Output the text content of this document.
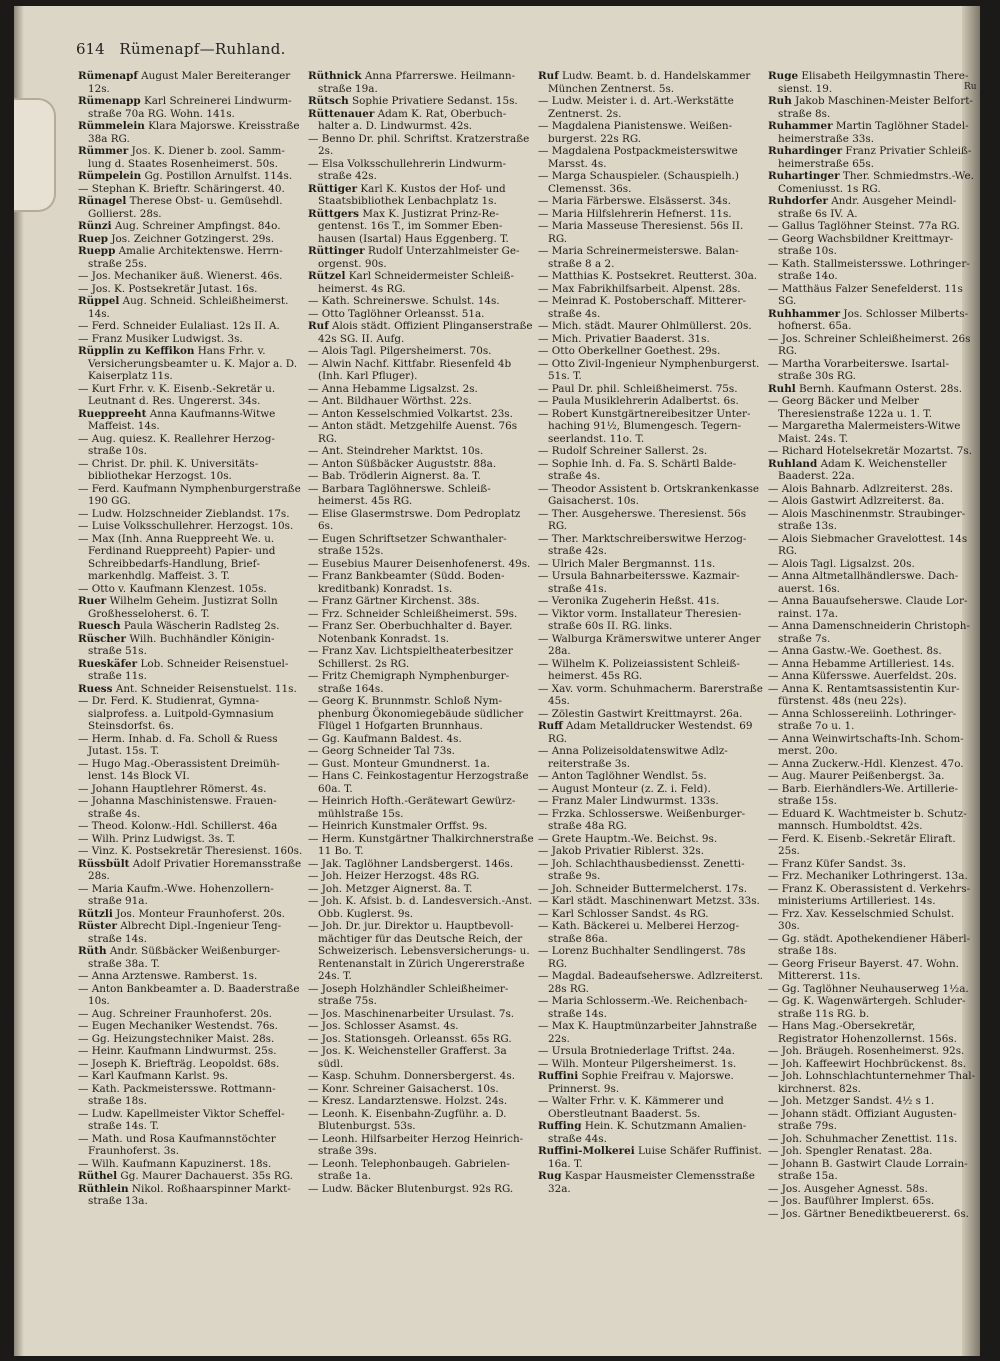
614 Rümenapf—Ruhland.

Rümenapf August Maler Bereiteranger 12s.

Rümenapp Karl Schreinerei Lindwurmstraße 70a RG. Wohn. 141s.

Rümmelein Klara Majorswe. Kreisstraße 38a RG.

Rümmer Jos. K. Diener b. zool. Sammlung d. Staates Rosenheimerst. 50s.

Rümpelein Gg. Postillon Arnulfst. 114s.

— Stephan K. Brieftr. Schäringerst. 40.

Rünagel Therese Obst- u. Gemüsehdl. Gollierst. 28s.

Rünzi Aug. Schreiner Ampfingst. 84o.

Ruep Jos. Zeichner Gotzingerst. 29s.

Ruepp Amalie Architektenswe. Herrnstraße 25s.

— Jos. Mechaniker äuß. Wienerst. 46s.

— Jos. K. Postsekretär Jutast. 16s.

Rüppel Aug. Schneid. Schleißheimerst. 14s.

— Ferd. Schneider Eulaliast. 12s II. A.

— Franz Musiker Ludwigst. 3s.

Rüpplin zu Keffikon Hans Frhr. v. Versicherungsbeamter u. K. Major a. D. Kaiserplatz 11s.

— Kurt Frhr. v. K. Eisenb.-Sekretär u. Leutnant d. Res. Ungererst. 34s.

Rueppreeht Anna Kaufmanns-Witwe Maffeist. 14s.

— Aug. quiesz. K. Reallehrer Herzogstraße 10s.

— Christ. Dr. phil. K. Universitätsbibliothekar Herzogst. 10s.

— Ferd. Kaufmann Nymphenburgerstraße 190 GG.

— Ludw. Holzschneider Zieblandst. 17s.

— Luise Volksschullehrer. Herzogst. 10s.

— Max (Inh. Anna Rueppreeht We. u. Ferdinand Rueppreeht) Papier- und Schreibbedarfs-Handlung, Briefmarkenhdlg. Maffeist. 3. T.

— Otto v. Kaufmann Klenzest. 105s.

Ruer Wilhelm Geheim. Justizrat Solln Großhesseloherst. 6. T.

Ruesch Paula Wäscherin Radlsteg 2s.

Rüscher Wilh. Buchhändler Königinstraße 51s.

Rueskäfer Lob. Schneider Reisenstuelstraße 11s.

Ruess Ant. Schneider Reisenstuelst. 11s.

— Dr. Ferd. K. Studienrat, Gymnasialprofess. a. Luitpold-Gymnasium Steinsdorfst. 6s.

— Herm. Inhab. d. Fa. Scholl & Ruess Jutast. 15s. T.

— Hugo Mag.-Oberassistent Dreimühlenst. 14s Block VI.

— Johann Hauptlehrer Römerst. 4s.

— Johanna Maschinistenswe. Frauenstraße 4s.

— Theod. Kolonw.-Hdl. Schillerst. 46a

— Wilh. Prinz Ludwigst. 3s. T.

— Vinz. K. Postsekretär Theresienst. 160s.

Rüssbült Adolf Privatier Horemansstraße 28s.

— Maria Kaufm.-Wwe. Hohenzollernstraße 91a.

Rützli Jos. Monteur Fraunhoferst. 20s.

Rüster Albrecht Dipl.-Ingenieur Tengstraße 14s.

Rüth Andr. Süßbäcker Weißenburgerstraße 38a. T.

— Anna Arztenswe. Ramberst. 1s.

— Anton Bankbeamter a. D. Baaderstraße 10s.

— Aug. Schreiner Fraunhoferst. 20s.

— Eugen Mechaniker Westendst. 76s.

— Gg. Heizungstechniker Maist. 28s.

— Heinr. Kaufmann Lindwurmst. 25s.

— Joseph K. Briefträg. Leopoldst. 68s.

— Karl Kaufmann Karlst. 9s.

— Kath. Packmeistersswe. Rottmannstraße 18s.

— Ludw. Kapellmeister Viktor Scheffelstraße 14s. T.

— Math. und Rosa Kaufmannstöchter Fraunhoferst. 3s.

— Wilh. Kaufmann Kapuzinerst. 18s.

Rüthel Gg. Maurer Dachauerst. 35s RG.

Rüthlein Nikol. Roßhaarspinner Marktstraße 13a.

Rüthnick Anna Pfarrerswe. Heilmannstraße 19a.

Rütsch Sophie Privatiere Sedanst. 15s.

Rüttenauer Adam K. Rat, Oberbuchhalter a. D. Lindwurmst. 42s.

— Benno Dr. phil. Schriftst. Kratzerstraße 2s.

— Elsa Volksschullehrerin Lindwurmstraße 42s.

Rüttiger Karl K. Kustos der Hof- und Staatsbibliothek Lenbachplatz 1s.

Rüttgers Max K. Justizrat Prinz-Regentenst. 16s T., im Sommer Ebenhausen (Isartal) Haus Eggenberg. T.

Rüttinger Rudolf Unterzahlmeister Georgenst. 90s.

Rützel Karl Schneidermeister Schleißheimerst. 4s RG.

— Kath. Schreinerswe. Schulst. 14s.

— Otto Taglöhner Orleansst. 51a.

Ruf Alois städt. Offizient Plinganserstraße 42s SG. II. Aufg.

— Alois Tagl. Pilgersheimerst. 70s.

— Alwin Nachf. Kittfabr. Riesenfeld 4b (Inh. Karl Pfluger).

— Anna Hebamme Ligsalzst. 2s.

— Ant. Bildhauer Wörthst. 22s.

— Anton Kesselschmied Volkartst. 23s.

— Anton städt. Metzgehilfe Auenst. 76s RG.

— Ant. Steindreher Marktst. 10s.

— Anton Süßbäcker Auguststr. 88a.

— Bab. Trödlerin Aignerst. 8a. T.

— Barbara Taglöhnerswe. Schleißheimerst. 45s RG.

— Elise Glasermstrswe. Dom Pedroplatz 6s.

— Eugen Schriftsetzer Schwanthalerstraße 152s.

— Eusebius Maurer Deisenhofenerst. 49s.

— Franz Bankbeamter (Südd. Bodenkreditbank) Konradst. 1s.

— Franz Gärtner Kirchenst. 38s.

— Frz. Schneider Schleißheimerst. 59s.

— Franz Ser. Oberbuchhalter d. Bayer. Notenbank Konradst. 1s.

— Franz Xav. Lichtspieltheaterbesitzer Schillerst. 2s RG.

— Fritz Chemigraph Nymphenburgerstraße 164s.

— Georg K. Brunnmstr. Schloß Nymphenburg Ökonomiegebäude südlicher Flügel 1 Hofgarten Brunnhaus.

— Gg. Kaufmann Baldest. 4s.

— Georg Schneider Tal 73s.

— Gust. Monteur Gmundnerst. 1a.

— Hans C. Feinkostagentur Herzogstraße 60a. T.

— Heinrich Hofth.-Gerätewart Gewürzmühlstraße 15s.

— Heinrich Kunstmaler Orffst. 9s.

— Herm. Kunstgärtner Thalkirchnerstraße 11 Bo. T.

— Jak. Taglöhner Landsbergerst. 146s.

— Joh. Heizer Herzogst. 48s RG.

— Joh. Metzger Aignerst. 8a. T.

— Joh. K. Afsist. b. d. Landesversich.-Anst. Obb. Kuglerst. 9s.

— Joh. Dr. jur. Direktor u. Hauptbevollmächtiger für das Deutsche Reich, der Schweizerisch. Lebensversicherungs- u. Rentenanstalt in Zürich Ungererstraße 24s. T.

— Joseph Holzhändler Schleißheimerstraße 75s.

— Jos. Maschinenarbeiter Ursulast. 7s.

— Jos. Schlosser Asamst. 4s.

— Jos. Stationsgeh. Orleansst. 65s RG.

— Jos. K. Weichensteller Grafferst. 3a südl.

— Kasp. Schuhm. Donnersbergerst. 4s.

— Konr. Schreiner Gaisacherst. 10s.

— Kresz. Landarztenswe. Holzst. 24s.

— Leonh. K. Eisenbahn-Zugführ. a. D. Blutenburgst. 53s.

— Leonh. Hilfsarbeiter Herzog Heinrichstraße 39s.

— Leonh. Telephonbaugeh. Gabrielenstraße 1a.

— Ludw. Bäcker Blutenburgst. 92s RG.

Ruf Ludw. Beamt. b. d. Handelskammer München Zentnerst. 5s.

— Ludw. Meister i. d. Art.-Werkstätte Zentnerst. 2s.

— Magdalena Pianistenswe. Weißenburgerst. 22s RG.

— Magdalena Postpackmeisterswitwe Marsst. 4s.

— Marga Schauspieler. (Schauspielh.) Clemensst. 36s.

— Maria Färberswe. Elsässerst. 34s.

— Maria Hilfslehrerin Hefnerst. 11s.

— Maria Masseuse Theresienst. 56s II. RG.

— Maria Schreinermeisterswe. Balanstraße 8 a 2.

— Matthias K. Postsekret. Reutterst. 30a.

— Max Fabrikhilfsarbeit. Alpenst. 28s.

— Meinrad K. Postoberschaff. Mittererstraße 4s.

— Mich. städt. Maurer Ohlmüllerst. 20s.

— Mich. Privatier Baaderst. 31s.

— Otto Oberkellner Goethest. 29s.

— Otto Zivil-Ingenieur Nymphenburgerst. 51s. T.

— Paul Dr. phil. Schleißheimerst. 75s.

— Paula Musiklehrerin Adalbertst. 6s.

— Robert Kunstgärtnereibesitzer Unterhaching 91½, Blumengesch. Tegernseerlandst. 11o. T.

— Rudolf Schreiner Sallerst. 2s.

— Sophie Inh. d. Fa. S. Schärtl Baldestraße 4s.

— Theodor Assistent b. Ortskrankenkasse Gaisacherst. 10s.

— Ther. Ausgeherswe. Theresienst. 56s RG.

— Ther. Marktschreiberswitwe Herzogstraße 42s.

— Ulrich Maler Bergmannst. 11s.

— Ursula Bahnarbeitersswe. Kazmairstraße 41s.

— Veronika Zugeherin Heßst. 41s.

— Viktor vorm. Installateur Theresienstraße 60s II. RG. links.

— Walburga Krämerswitwe unterer Anger 28a.

— Wilhelm K. Polizeiassistent Schleißheimerst. 45s RG.

— Xav. vorm. Schuhmacherm. Barerstraße 45s.

— Zölestin Gastwirt Kreittmayrst. 26a.

Ruff Adam Metalldrucker Westendst. 69 RG.

— Anna Polizeisoldatenswitwe Adlzreiterstraße 3s.

— Anton Taglöhner Wendlst. 5s.

— August Monteur (z. Z. i. Feld).

— Franz Maler Lindwurmst. 133s.

— Frzka. Schlosserswe. Weißenburgerstraße 48a RG.

— Grete Hauptm.-We. Beichst. 9s.

— Jakob Privatier Riblerst. 32s.

— Joh. Schlachthausbediensst. Zenettistraße 9s.

— Joh. Schneider Buttermelcherst. 17s.

— Karl städt. Maschinenwart Metzst. 33s.

— Karl Schlosser Sandst. 4s RG.

— Kath. Bäckerei u. Melberei Herzogstraße 86a.

— Lorenz Buchhalter Sendlingerst. 78s RG.

— Magdal. Badeaufseherswe. Adlzreiterst. 28s RG.

— Maria Schlosserm.-We. Reichenbachstraße 14s.

— Max K. Hauptmünzarbeiter Jahnstraße 22s.

— Ursula Brotniederlage Triftst. 24a.

— Wilh. Monteur Pilgersheimerst. 1s.

Ruffini Sophie Freifrau v. Majorswe. Prinnerst. 9s.

— Walter Frhr. v. K. Kämmerer und Oberstleutnant Baaderst. 5s.

Ruffing Hein. K. Schutzmann Amalienstraße 44s.

Ruffini-Molkerei Luise Schäfer Ruffinist. 16a. T.

Rug Kaspar Hausmeister Clemensstraße 32a.

Ruge Elisabeth Heilgymnastin Theresienst. 19.

Ruh Jakob Maschinen-Meister Belfortstraße 8s.

Ruhammer Martin Taglöhner Stadelheimerstraße 33s.

Ruhardinger Franz Privatier Schleißheimerstraße 65s.

Ruhartinger Ther. Schmiedmstrs.-We. Comeniusst. 1s RG.

Ruhdorfer Andr. Ausgeher Meindlstraße 6s IV. A.

— Gallus Taglöhner Steinst. 77a RG.

— Georg Wachsbildner Kreittmayrstraße 10s.

— Kath. Stallmeistersswe. Lothringerstraße 14o.

— Matthäus Falzer Senefelderst. 11s SG.

Ruhhammer Jos. Schlosser Milbertshofnerst. 65a.

— Jos. Schreiner Schleißheimerst. 26s RG.

— Martha Vorarbeiterswe. Isartalstraße 30s RG.

Ruhl Bernh. Kaufmann Osterst. 28s.

— Georg Bäcker und Melber Theresienstraße 122a u. 1. T.

— Margaretha Malermeisters-Witwe Maist. 24s. T.

— Richard Hotelsekretär Mozartst. 7s.

Ruhland Adam K. Weichensteller Baaderst. 22a.

— Alois Bahnarb. Adlzreiterst. 28s.

— Alois Gastwirt Adlzreiterst. 8a.

— Alois Maschinenmstr. Straubingerstraße 13s.

— Alois Siebmacher Gravelottest. 14s RG.

— Alois Tagl. Ligsalzst. 20s.

— Anna Altmetallhändlerswe. Dachauerst. 16s.

— Anna Bauaufseherswe. Claude Lorrainst. 17a.

— Anna Damenschneiderin Christophstraße 7s.

— Anna Gastw.-We. Goethest. 8s.

— Anna Hebamme Artilleriest. 14s.

— Anna Küfersswe. Auerfeldst. 20s.

— Anna K. Rentamtsassistentin Kurfürstenst. 48s (neu 22s).

— Anna Schlossereiinh. Lothringerstraße 7o u. 1.

— Anna Weinwirtschafts-Inh. Schommerst. 20o.

— Anna Zuckerw.-Hdl. Klenzest. 47o.

— Aug. Maurer Peißenbergst. 3a.

— Barb. Eierhändlers-We. Artilleriestraße 15s.

— Eduard K. Wachtmeister b. Schutzmannsch. Humboldtst. 42s.

— Ferd. K. Eisenb.-Sekretär Eliraft. 25s.

— Franz Küfer Sandst. 3s.

— Frz. Mechaniker Lothringerst. 13a.

— Franz K. Oberassistent d. Verkehrsministeriums Artilleriest. 14s.

— Frz. Xav. Kesselschmied Schulst. 30s.

— Gg. städt. Apothekendiener Häberlstraße 18s.

— Georg Friseur Bayerst. 47. Wohn. Mittererst. 11s.

— Gg. Taglöhner Neuhauserweg 1½a.

— Gg. K. Wagenwärtergeh. Schluderstraße 11s RG. b.

— Hans Mag.-Obersekretär, Registrator Hohenzollernst. 156s.

— Joh. Bräugeh. Rosenheimerst. 92s.

— Joh. Kaffeewirt Hochbrückenst. 8s.

— Joh. Lohnschlachtunternehmer Thalkirchnerst. 82s.

— Joh. Metzger Sandst. 4½ s 1.

— Johann städt. Offiziant Augustenstraße 79s.

— Joh. Schuhmacher Zenettist. 11s.

— Joh. Spengler Renatast. 28a.

— Johann B. Gastwirt Claude Lorrainstraße 15a.

— Jos. Ausgeher Agnesst. 58s.

— Jos. Bauführer Implerst. 65s.

— Jos. Gärtner Benediktbeuererst. 6s.

Ru
